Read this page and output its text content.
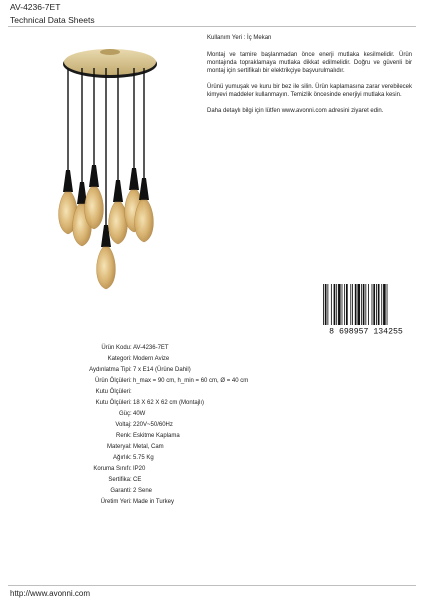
AV-4236-7ET
Technical Data Sheets

Kullanım Yeri : İç Mekan

Montaj ve tamire başlanmadan önce enerji mutlaka kesilmelidir. Ürün montajında topraklamaya mutlaka dikkat edilmelidir. Doğru ve güvenli bir montaj için sertifikalı bir elektrikçiye başvurulmalıdır.

Ürünü yumuşak ve kuru bir bez ile silin. Ürün kaplamasına zarar verebilecek kimyevi maddeler kullanmayın. Temizlik öncesinde enerjiyi mutlaka kesin.

Daha detaylı bilgi için lütfen www.avonni.com adresini ziyaret edin.

8 698957 134255
Ürün Kodu : AV-4236-7ET
Kategori : Modern Avize
Aydınlatma Tipi : 7 x E14 (Ürüne Dahil)
Ürün Ölçüleri : h_max = 90 cm, h_min = 60 cm, Ø = 40 cm
Kutu Ölçüleri :
Kutu Ölçüleri : 18 X 62 X 62 cm (Montajlı)
Güç : 40W
Voltaj : 220V~50/60Hz
Renk : Eskitme Kaplama
Materyal : Metal, Cam
Ağırlık : 5.75 Kg
Koruma Sınıfı : IP20
Sertifika : CE
Garanti : 2 Sene
Üretim Yeri : Made in Turkey
http://www.avonni.com
